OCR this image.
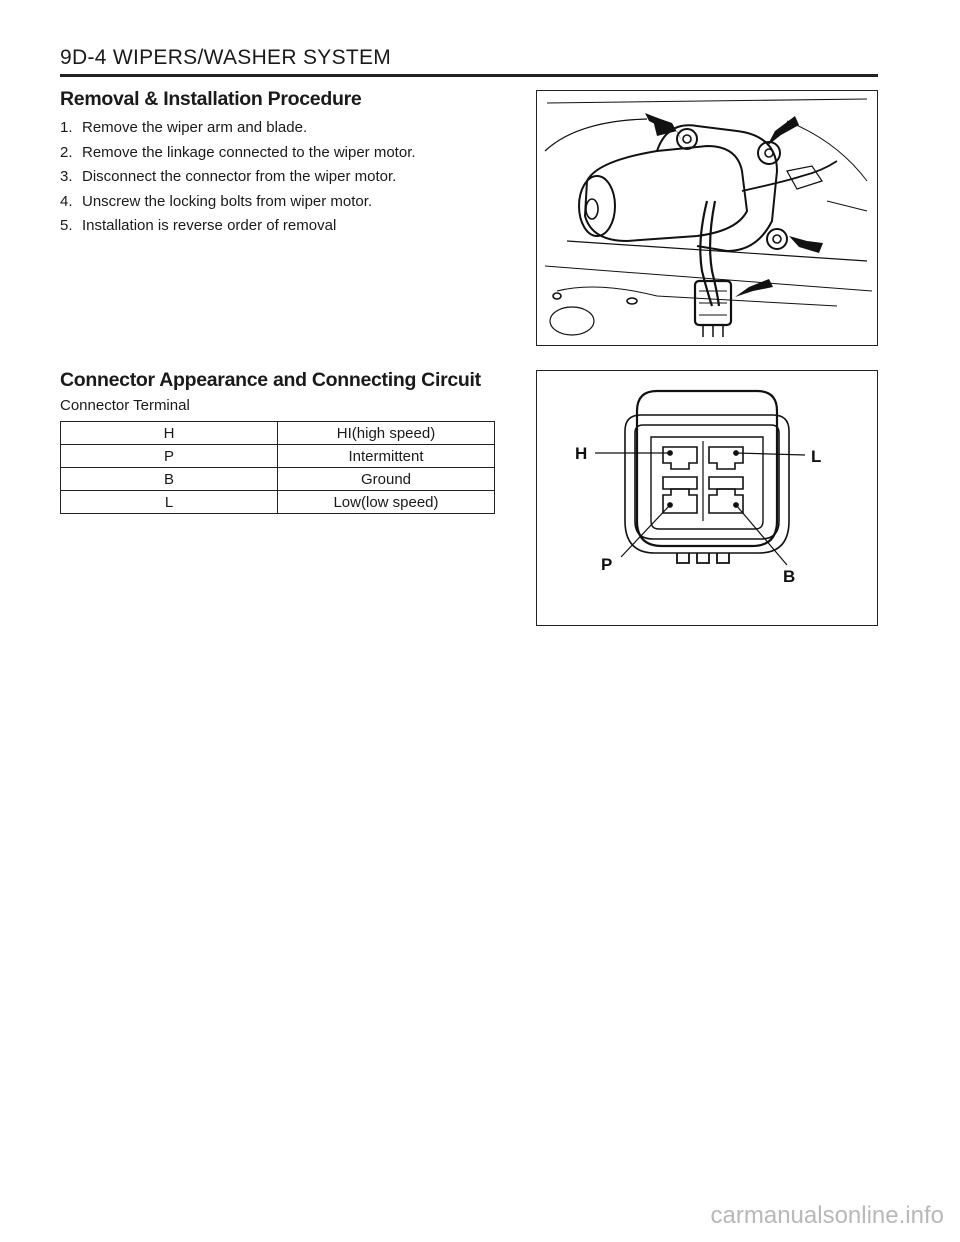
9D-4 WIPERS/WASHER SYSTEM
Removal & Installation Procedure
1. Remove the wiper arm and blade.
2. Remove the linkage connected to the wiper motor.
3. Disconnect the connector from the wiper motor.
4. Unscrew the locking bolts from wiper motor.
5. Installation is reverse order of removal
Connector Appearance and Connecting Circuit
Connector Terminal
H	HI(high speed)
P	Intermittent
B	Ground
L	Low(low speed)
H	L
P
B
carmanualsonline.info
